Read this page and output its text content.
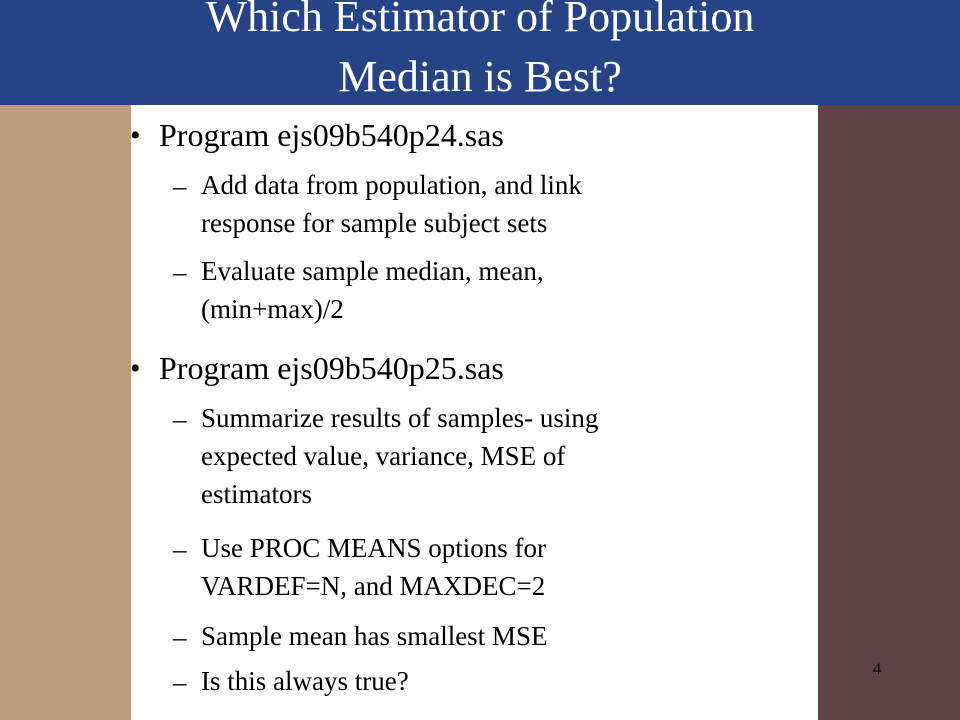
Which Estimator of Population
Median is Best?
• Program ejs09b540p24.sas
– Add data from population, and link
response for sample subject sets
– Evaluate sample median, mean,
(min+max)/2
• Program ejs09b540p25.sas
– Summarize results of samples- using
expected value, variance, MSE of
estimators
– Use PROC MEANS options for
VARDEF=N, and MAXDEC=2
– Sample mean has smallest MSE
– Is this always true?	4
